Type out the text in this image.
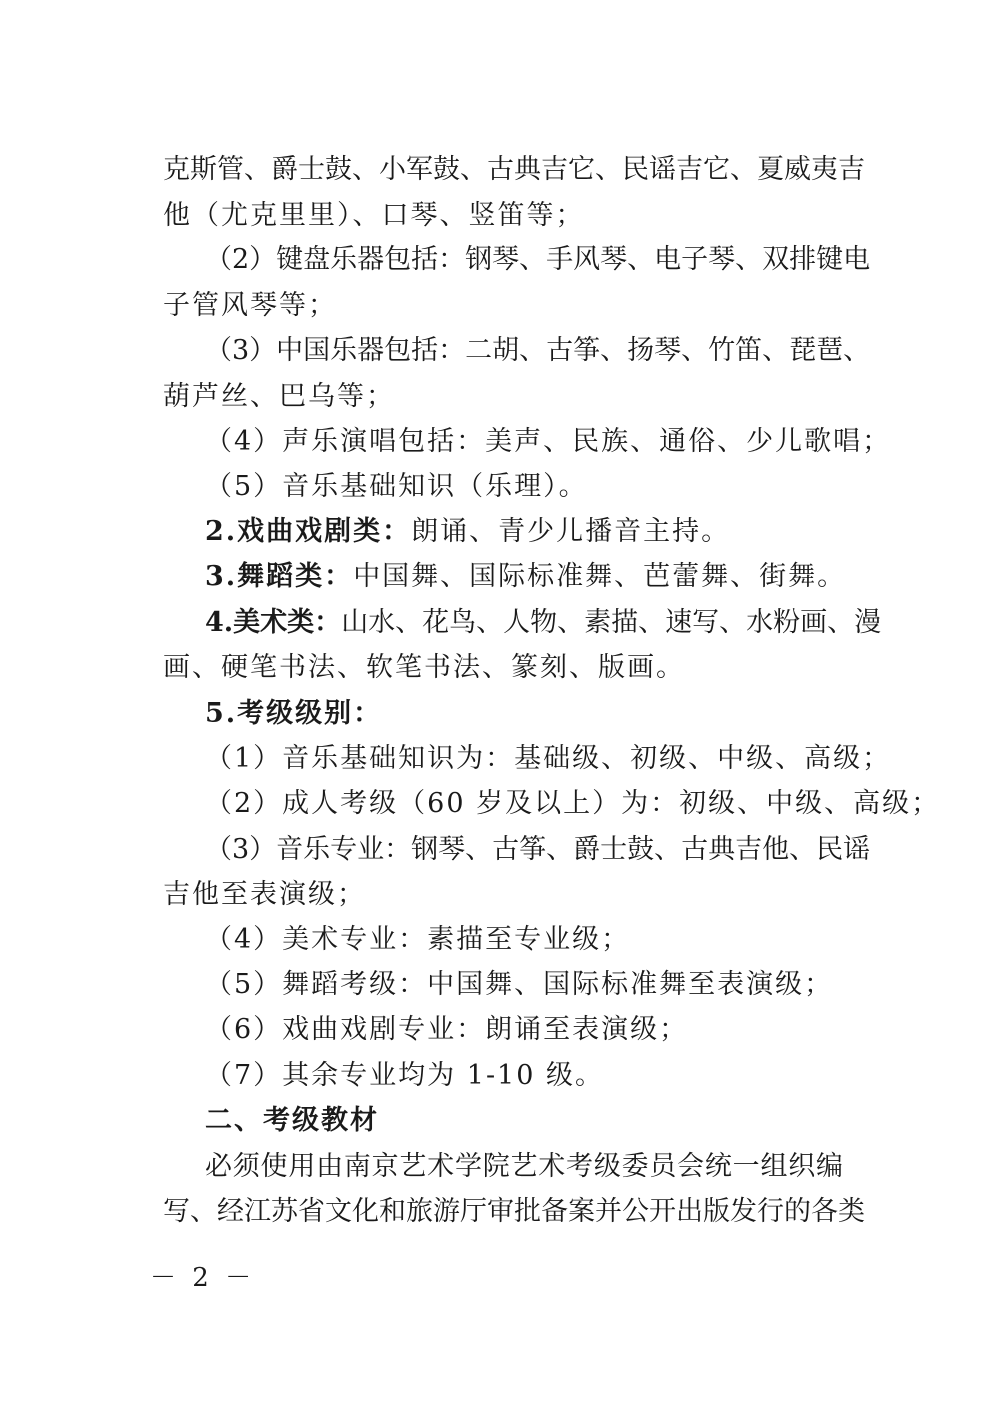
克斯管、爵士鼓、小军鼓、古典吉它、民谣吉它、夏威夷吉
他（尤克里里）、口琴、竖笛等；
（2）键盘乐器包括：钢琴、手风琴、电子琴、双排键电
子管风琴等；
（3）中国乐器包括：二胡、古筝、扬琴、竹笛、琵琶、
葫芦丝、巴乌等；
（4）声乐演唱包括：美声、民族、通俗、少儿歌唱；
（5）音乐基础知识（乐理）。
2.戏曲戏剧类：朗诵、青少儿播音主持。
3.舞蹈类：中国舞、国际标准舞、芭蕾舞、街舞。
4.美术类：山水、花鸟、人物、素描、速写、水粉画、漫
画、硬笔书法、软笔书法、篆刻、版画。
5.考级级别：
（1）音乐基础知识为：基础级、初级、中级、高级；
（2）成人考级（60 岁及以上）为：初级、中级、高级；
（3）音乐专业：钢琴、古筝、爵士鼓、古典吉他、民谣
吉他至表演级；
（4）美术专业：素描至专业级；
（5）舞蹈考级：中国舞、国际标准舞至表演级；
（6）戏曲戏剧专业：朗诵至表演级；
（7）其余专业均为 1-10 级。
二、考级教材
必须使用由南京艺术学院艺术考级委员会统一组织编
写、经江苏省文化和旅游厅审批备案并公开出版发行的各类
－ 2 －
